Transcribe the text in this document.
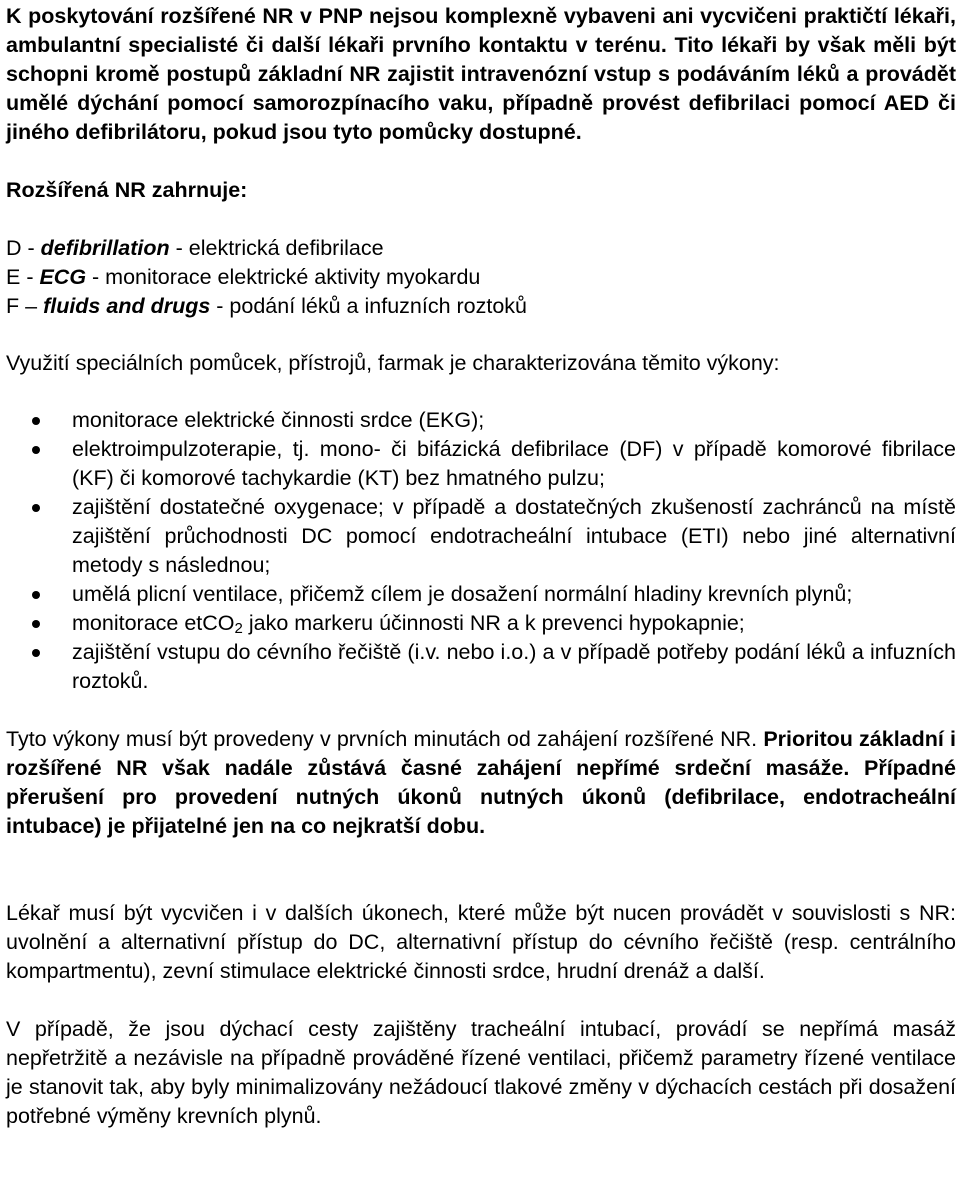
K poskytování rozšířené NR v PNP nejsou komplexně vybaveni ani vycvičeni praktičtí lékaři, ambulantní specialisté či další lékaři prvního kontaktu v terénu. Tito lékaři by však měli být schopni kromě postupů základní NR zajistit intravenózní vstup s podáváním léků a provádět umělé dýchání pomocí samorozpínacího vaku, případně provést defibrilaci pomocí AED či jiného defibrilátoru, pokud jsou tyto pomůcky dostupné.

Rozšířená NR zahrnuje:

D - defibrillation - elektrická defibrilace

E - ECG - monitorace elektrické aktivity myokardu

F – fluids and drugs - podání léků a infuzních roztoků

Využití speciálních pomůcek, přístrojů, farmak je charakterizována těmito výkony:

monitorace elektrické činnosti srdce (EKG);
elektroimpulzoterapie, tj. mono- či bifázická defibrilace (DF) v případě komorové fibrilace (KF) či komorové tachykardie (KT) bez hmatného pulzu;
zajištění dostatečné oxygenace; v případě a dostatečných zkušeností zachránců na místě zajištění průchodnosti DC pomocí endotracheální intubace (ETI) nebo jiné alternativní metody s následnou;
umělá plicní ventilace, přičemž cílem je dosažení normální hladiny krevních plynů;
monitorace etCO$_2$ jako markeru účinnosti NR a k prevenci hypokapnie;
zajištění vstupu do cévního řečiště (i.v. nebo i.o.) a v případě potřeby podání léků a infuzních roztoků.

Tyto výkony musí být provedeny v prvních minutách od zahájení rozšířené NR. Prioritou základní i rozšířené NR však nadále zůstává časné zahájení nepřímé srdeční masáže. Případné přerušení pro provedení nutných úkonů nutných úkonů (defibrilace, endotracheální intubace) je přijatelné jen na co nejkratší dobu.

Lékař musí být vycvičen i v dalších úkonech, které může být nucen provádět v souvislosti s NR: uvolnění a alternativní přístup do DC, alternativní přístup do cévního řečiště (resp. centrálního kompartmentu), zevní stimulace elektrické činnosti srdce, hrudní drenáž a další.

V případě, že jsou dýchací cesty zajištěny tracheální intubací, provádí se nepřímá masáž nepřetržitě a nezávisle na případně prováděné řízené ventilaci, přičemž parametry řízené ventilace je stanovit tak, aby byly minimalizovány nežádoucí tlakové změny v dýchacích cestách při dosažení potřebné výměny krevních plynů.
